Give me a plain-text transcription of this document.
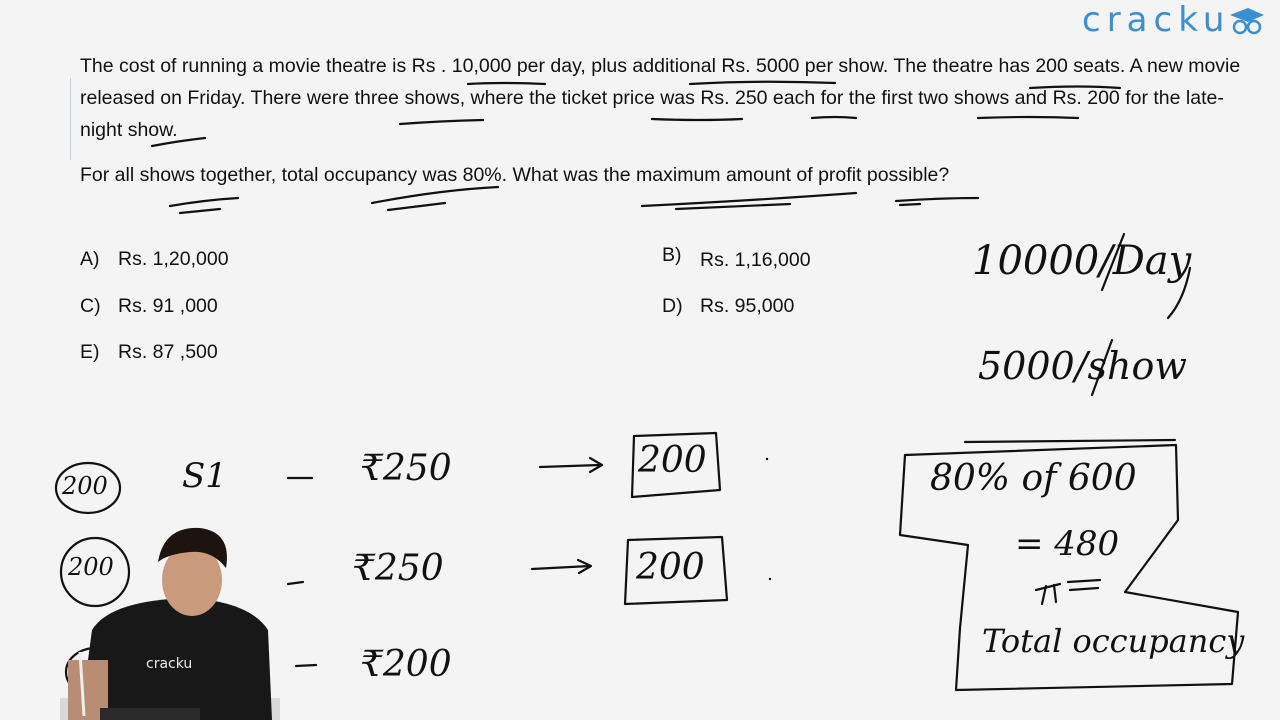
cracku
The cost of running a movie theatre is Rs . 10,000 per day, plus additional Rs. 5000 per show. The theatre has 200 seats. A new movie released on Friday. There were three shows, where the ticket price was Rs. 250 each for the first two shows and Rs. 200 for the late-night show.
For all shows together, total occupancy was 80%. What was the maximum amount of profit possible?
A) Rs. 1,20,000	B) Rs. 1,16,000
C) Rs. 91 ,000	D) Rs. 95,000
E) Rs. 87 ,500
10000/Day
5000/show
200 S1	₹250	200
200	₹250	200
₹200
80% of 600
= 480
Total occupancy
cracku
